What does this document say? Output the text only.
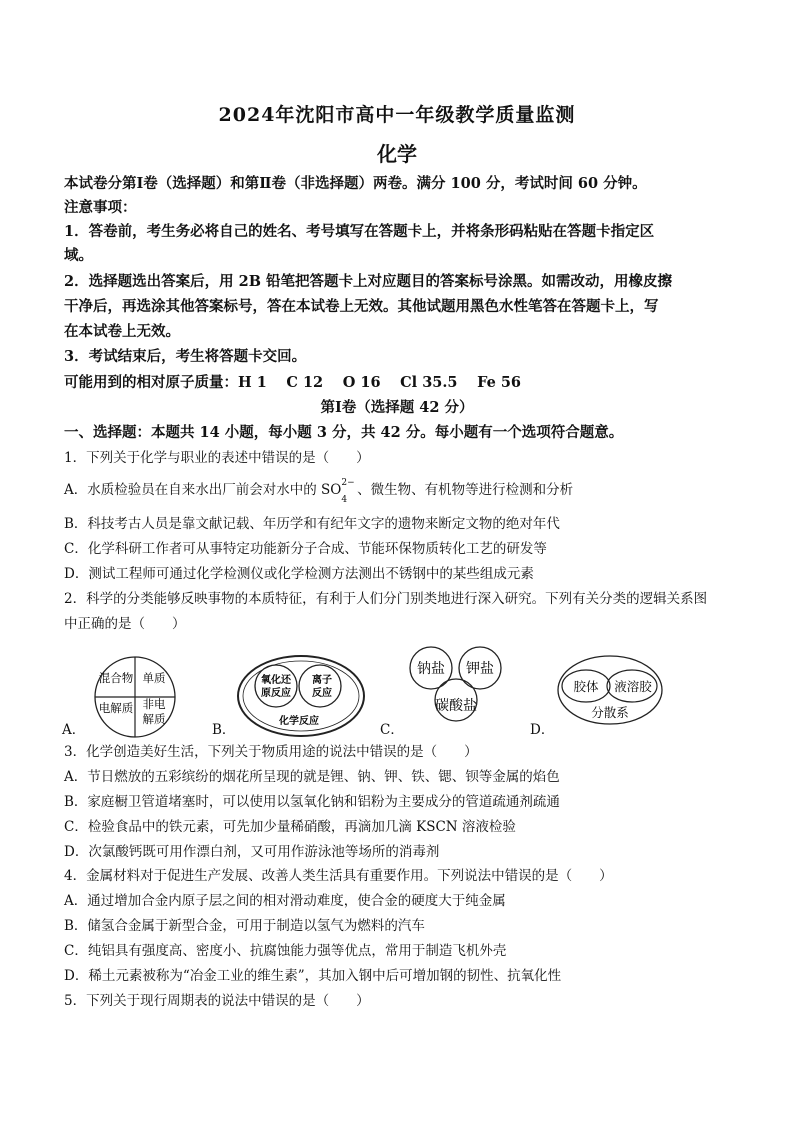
2024年沈阳市高中一年级教学质量监测
化学
本试卷分第Ⅰ卷（选择题）和第Ⅱ卷（非选择题）两卷。满分 100 分，考试时间 60 分钟。
注意事项：
1．答卷前，考生务必将自己的姓名、考号填写在答题卡上，并将条形码粘贴在答题卡指定区
域。
2．选择题选出答案后，用 2B 铅笔把答题卡上对应题目的答案标号涂黑。如需改动，用橡皮擦
干净后，再选涂其他答案标号，答在本试卷上无效。其他试题用黑色水性笔答在答题卡上，写
在本试卷上无效。
3．考试结束后，考生将答题卡交回。
可能用到的相对原子质量：H 1　 C 12　 O 16　 Cl 35.5　 Fe 56
第Ⅰ卷（选择题 42 分）
一、选择题：本题共 14 小题，每小题 3 分，共 42 分。每小题有一个选项符合题意。
1．下列关于化学与职业的表述中错误的是（　　）
A．水质检验员在自来水出厂前会对水中的 SO 2−
$_4$、微生物、有机物等进行检测和分析
B．科技考古人员是靠文献记载、年历学和有纪年文字的遗物来断定文物的绝对年代
C．化学科研工作者可从事特定功能新分子合成、节能环保物质转化工艺的研发等
D．测试工程师可通过化学检测仪或化学检测方法测出不锈钢中的某些组成元素
2．科学的分类能够反映事物的本质特征，有利于人们分门别类地进行深入研究。下列有关分类的逻辑关系图
中正确的是（　　）
混合物 单质
电解质 非电
解质
A．
氧化还
原反应
离子
反应
化学反应
B．
钠盐 钾盐
碳酸盐
C．
胶体 液溶胶
分散系
D．
3．化学创造美好生活，下列关于物质用途的说法中错误的是（　　）
A．节日燃放的五彩缤纷的烟花所呈现的就是锂、钠、钾、铁、锶、钡等金属的焰色
B．家庭橱卫管道堵塞时，可以使用以氢氧化钠和铝粉为主要成分的管道疏通剂疏通
C．检验食品中的铁元素，可先加少量稀硝酸，再滴加几滴 KSCN 溶液检验
D．次氯酸钙既可用作漂白剂，又可用作游泳池等场所的消毒剂
4．金属材料对于促进生产发展、改善人类生活具有重要作用。下列说法中错误的是（　　）
A．通过增加合金内原子层之间的相对滑动难度，使合金的硬度大于纯金属
B．储氢合金属于新型合金，可用于制造以氢气为燃料的汽车
C．纯铝具有强度高、密度小、抗腐蚀能力强等优点，常用于制造飞机外壳
D．稀土元素被称为“冶金工业的维生素”，其加入钢中后可增加钢的韧性、抗氧化性
5．下列关于现行周期表的说法中错误的是（　　）
